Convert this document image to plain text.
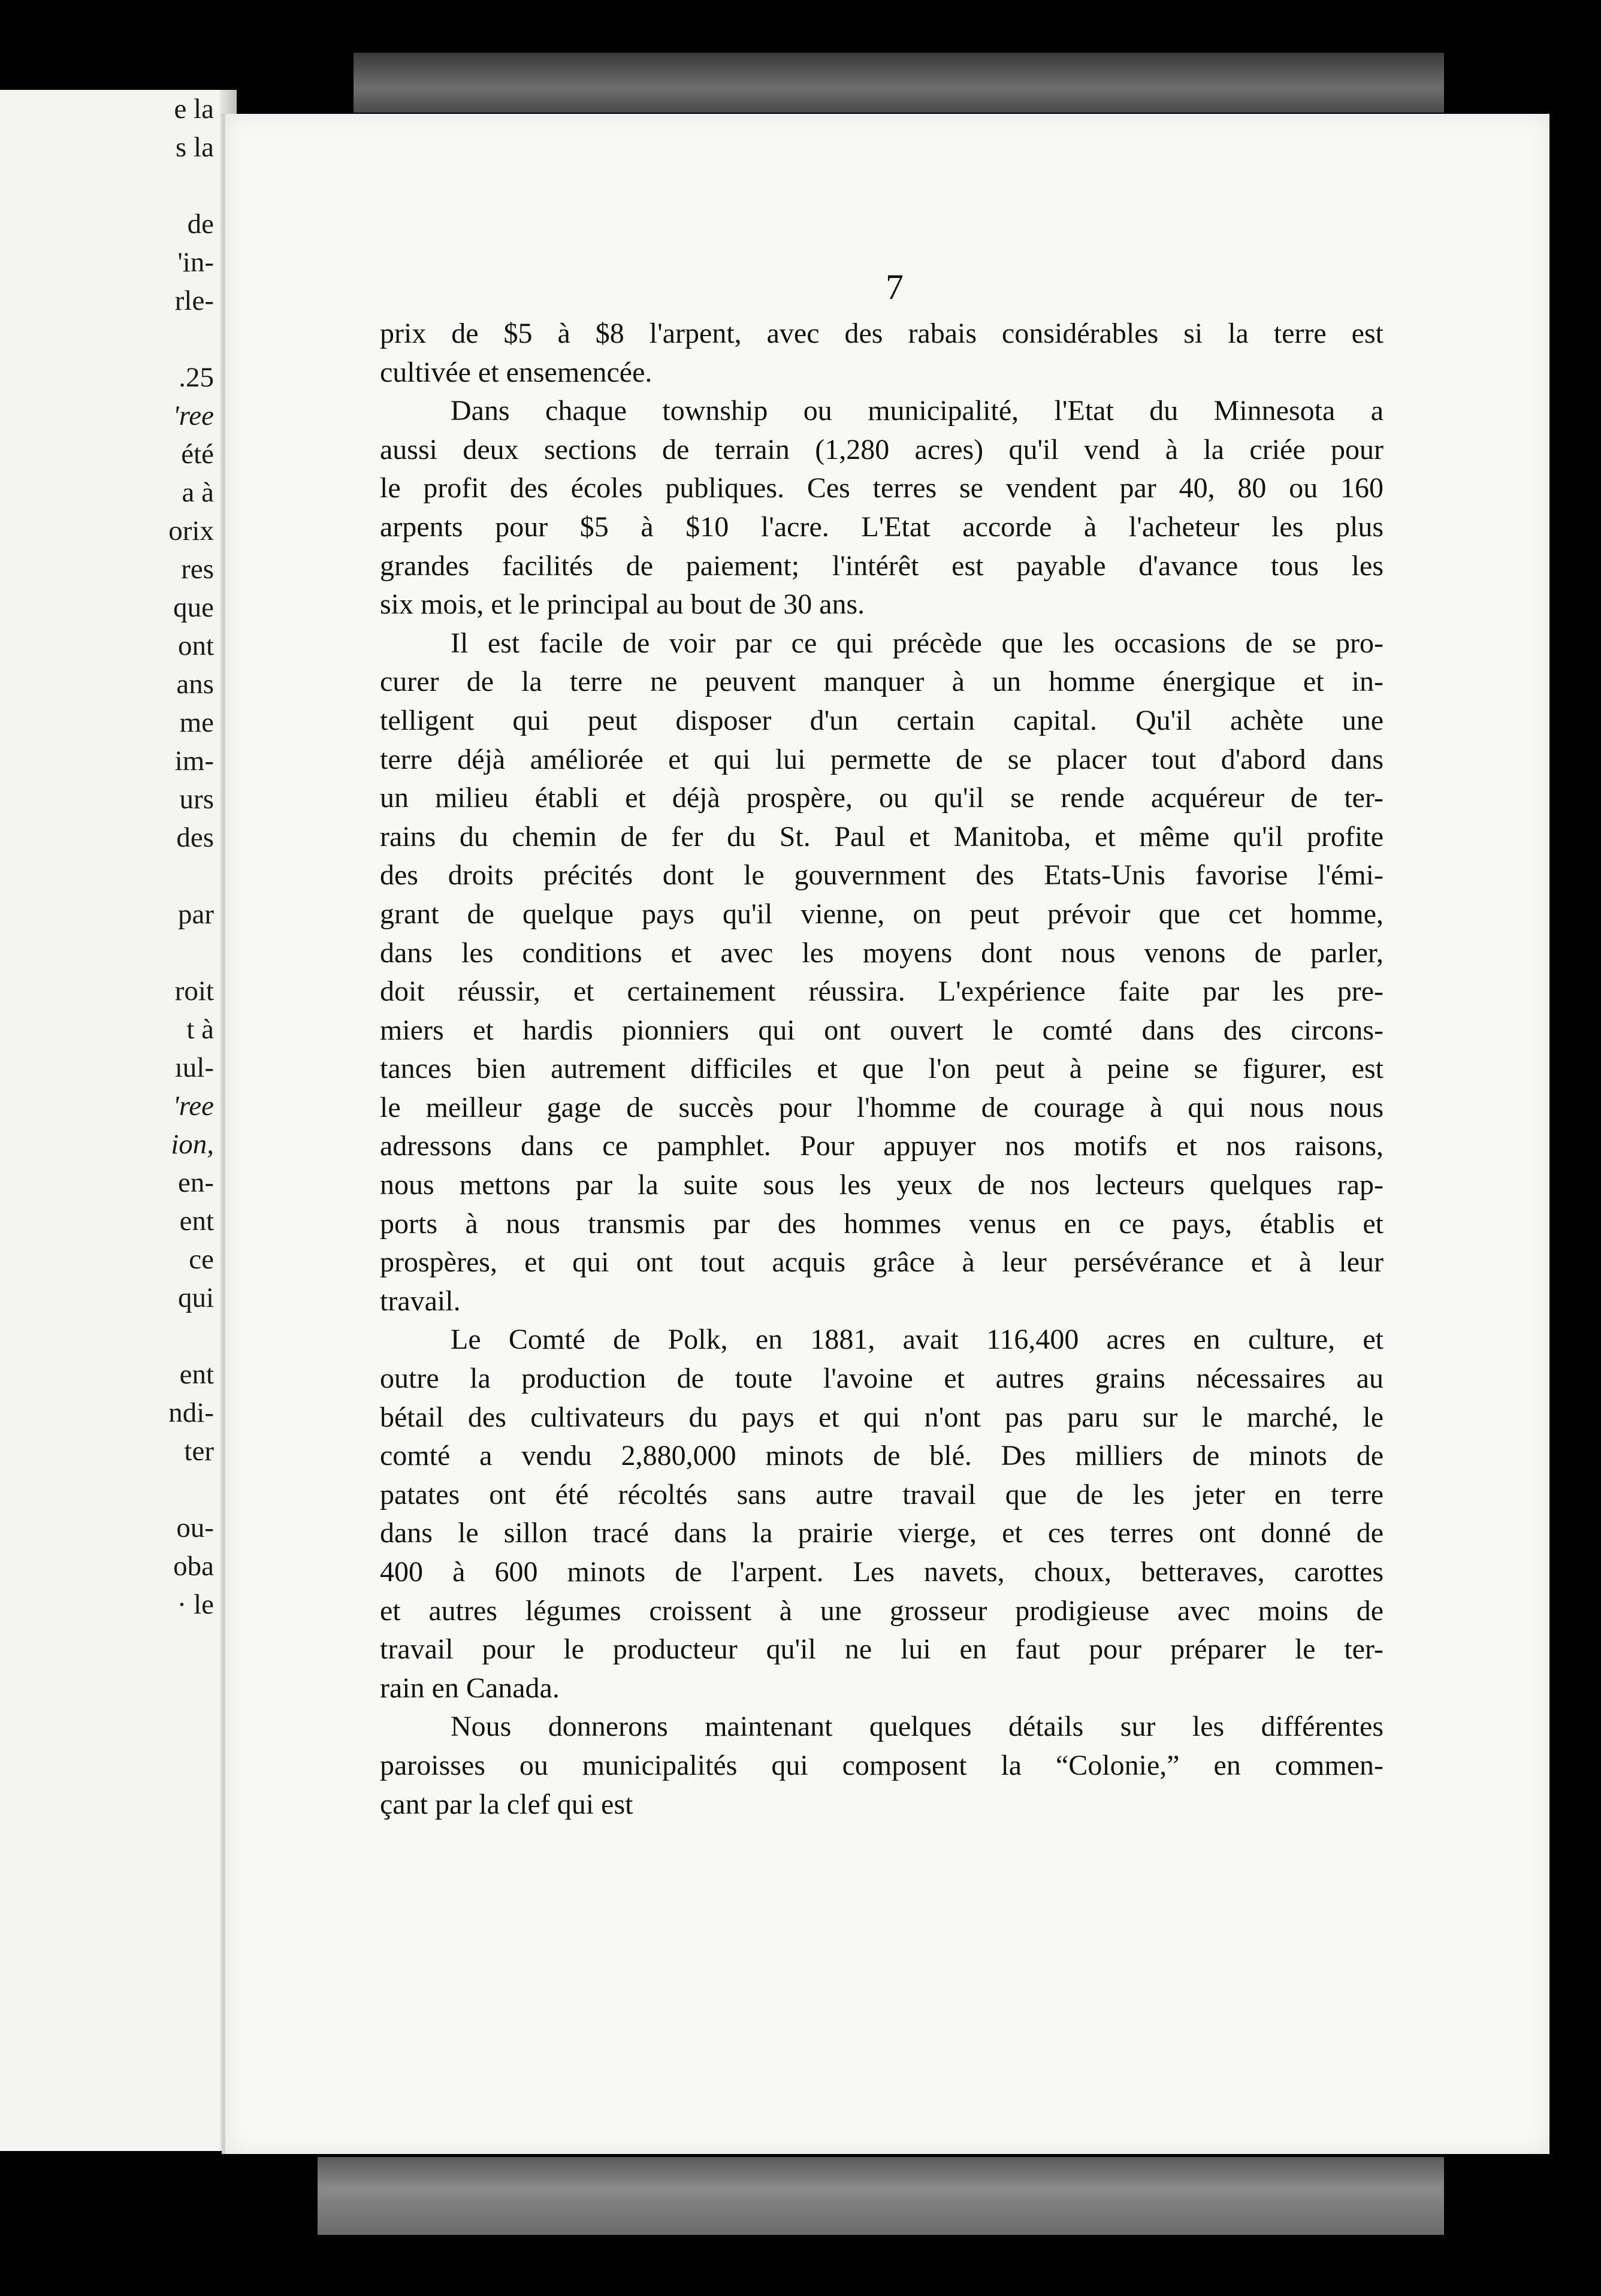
e la
s la
de
'in-
rle-
.25
'ree
été
a à
orix
res
que
ont
ans
me
im-
urs
des
par
roit
t à
ıul-
'ree
ion,
en-
ent
ce
qui
ent
ndi-
ter
ou-
oba
· le
7

prix de $5 à $8 l'arpent, avec des rabais considérables si la terre est
cultivée et ensemencée.

Dans chaque township ou municipalité, l'Etat du Minnesota a
aussi deux sections de terrain (1,280 acres) qu'il vend à la criée pour
le profit des écoles publiques. Ces terres se vendent par 40, 80 ou 160
arpents pour $5 à $10 l'acre. L'Etat accorde à l'acheteur les plus
grandes facilités de paiement; l'intérêt est payable d'avance tous les
six mois, et le principal au bout de 30 ans.

Il est facile de voir par ce qui précède que les occasions de se pro-
curer de la terre ne peuvent manquer à un homme énergique et in-
telligent qui peut disposer d'un certain capital. Qu'il achète une
terre déjà améliorée et qui lui permette de se placer tout d'abord dans
un milieu établi et déjà prospère, ou qu'il se rende acquéreur de ter-
rains du chemin de fer du St. Paul et Manitoba, et même qu'il profite
des droits précités dont le gouvernment des Etats-Unis favorise l'émi-
grant de quelque pays qu'il vienne, on peut prévoir que cet homme,
dans les conditions et avec les moyens dont nous venons de parler,
doit réussir, et certainement réussira. L'expérience faite par les pre-
miers et hardis pionniers qui ont ouvert le comté dans des circons-
tances bien autrement difficiles et que l'on peut à peine se figurer, est
le meilleur gage de succès pour l'homme de courage à qui nous nous
adressons dans ce pamphlet. Pour appuyer nos motifs et nos raisons,
nous mettons par la suite sous les yeux de nos lecteurs quelques rap-
ports à nous transmis par des hommes venus en ce pays, établis et
prospères, et qui ont tout acquis grâce à leur persévérance et à leur
travail.

Le Comté de Polk, en 1881, avait 116,400 acres en culture, et
outre la production de toute l'avoine et autres grains nécessaires au
bétail des cultivateurs du pays et qui n'ont pas paru sur le marché, le
comté a vendu 2,880,000 minots de blé. Des milliers de minots de
patates ont été récoltés sans autre travail que de les jeter en terre
dans le sillon tracé dans la prairie vierge, et ces terres ont donné de
400 à 600 minots de l'arpent. Les navets, choux, betteraves, carottes
et autres légumes croissent à une grosseur prodigieuse avec moins de
travail pour le producteur qu'il ne lui en faut pour préparer le ter-
rain en Canada.

Nous donnerons maintenant quelques détails sur les différentes
paroisses ou municipalités qui composent la “Colonie,” en commen-
çant par la clef qui est
